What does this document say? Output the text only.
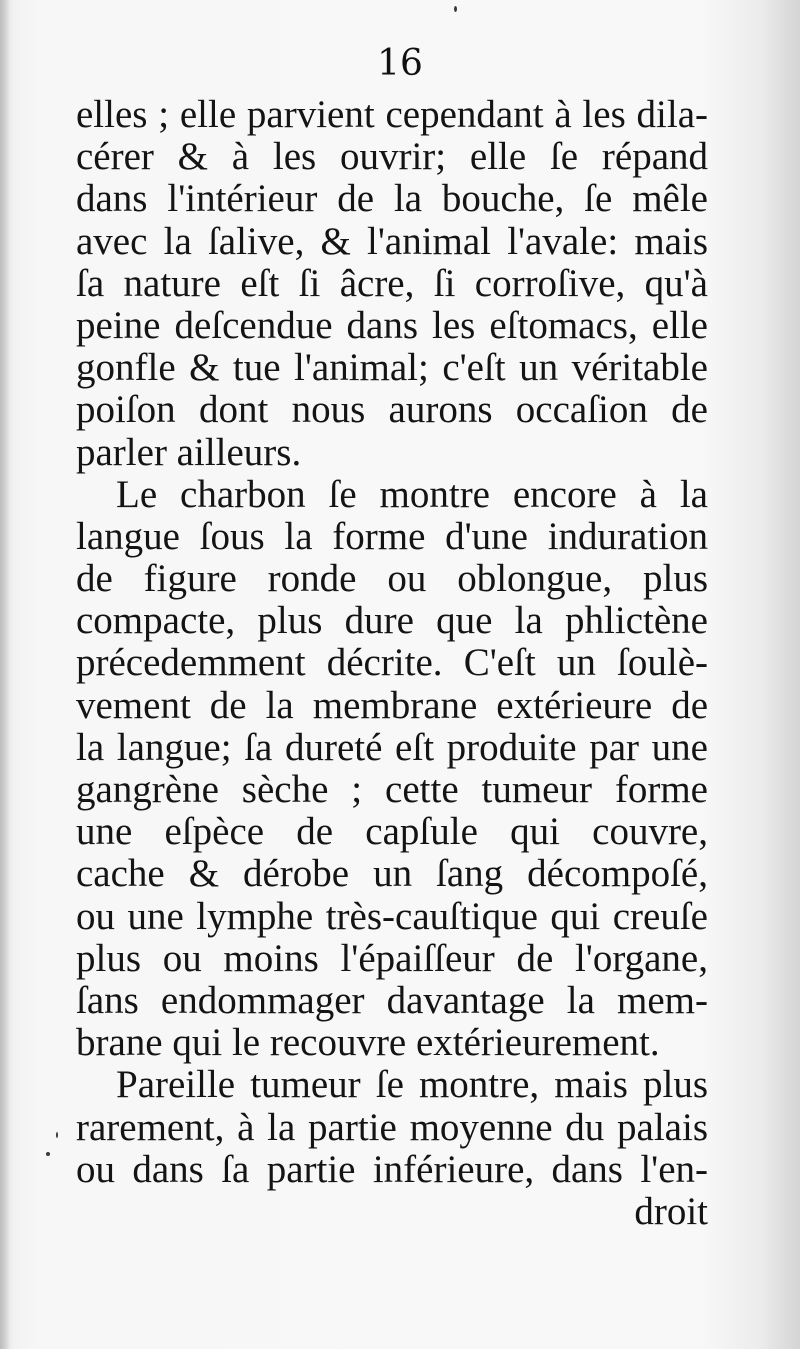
16

elles ; elle parvient cependant à les dila-
cérer & à les ouvrir; elle ſe répand
dans l'intérieur de la bouche, ſe mêle
avec la ſalive, & l'animal l'avale: mais
ſa nature eſt ſi âcre, ſi corroſive, qu'à
peine deſcendue dans les eſtomacs, elle
gonfle & tue l'animal; c'eſt un véritable
poiſon dont nous aurons occaſion de
parler ailleurs.
Le charbon ſe montre encore à la
langue ſous la forme d'une induration
de figure ronde ou oblongue, plus
compacte, plus dure que la phlictène
précedemment décrite. C'eſt un ſoulè-
vement de la membrane extérieure de
la langue; ſa dureté eſt produite par une
gangrène sèche ; cette tumeur forme
une eſpèce de capſule qui couvre,
cache & dérobe un ſang décompoſé,
ou une lymphe très-cauſtique qui creuſe
plus ou moins l'épaiſſeur de l'organe,
ſans endommager davantage la mem-
brane qui le recouvre extérieurement.
Pareille tumeur ſe montre, mais plus
rarement, à la partie moyenne du palais
ou dans ſa partie inférieure, dans l'en-
droit
